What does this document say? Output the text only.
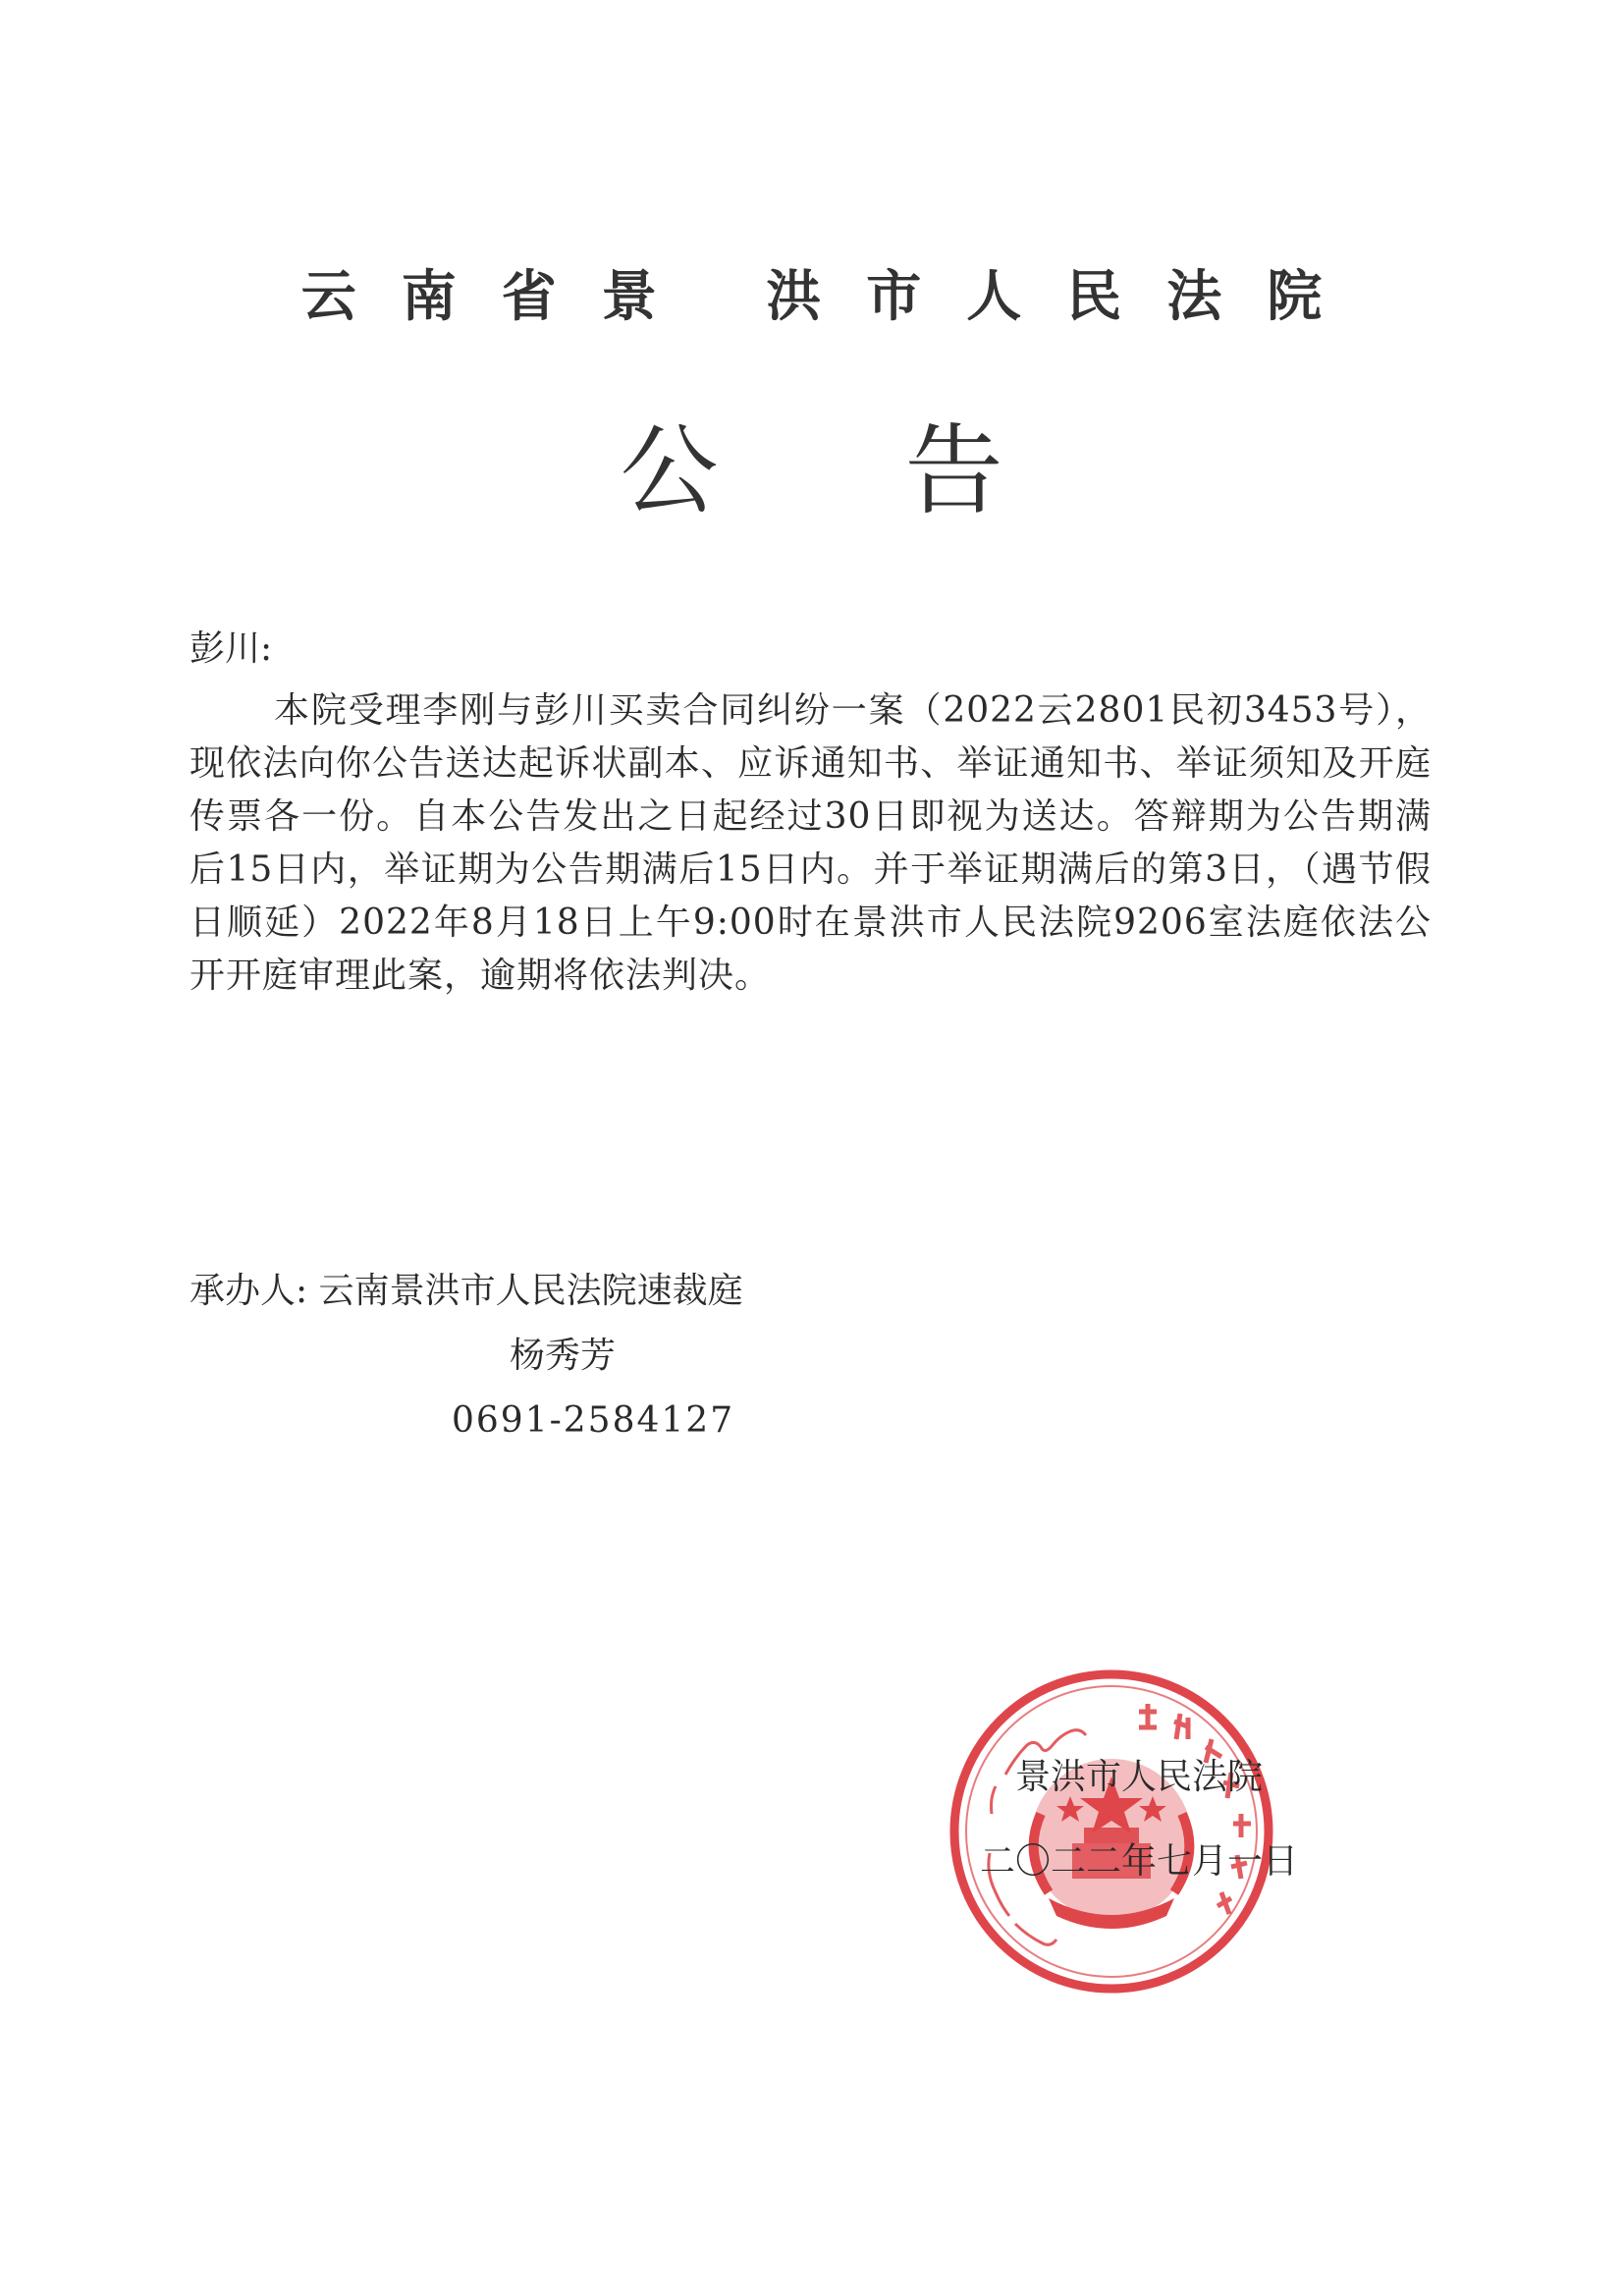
云南省景 洪市人民法院
公告
彭川:
本院受理李刚与彭川买卖合同纠纷一案（2022云2801民初3453号），现依法向你公告送达起诉状副本、应诉通知书、举证通知书、举证须知及开庭传票各一份。自本公告发出之日起经过30日即视为送达。答辩期为公告期满后15日内，举证期为公告期满后15日内。并于举证期满后的第3日，（遇节假日顺延）2022年8月18日上午9:00时在景洪市人民法院9206室法庭依法公开开庭审理此案，逾期将依法判决。
承办人: 云南景洪市人民法院速裁庭
杨秀芳
0691-2584127
景洪市人民法院
二〇二二年七月一日
